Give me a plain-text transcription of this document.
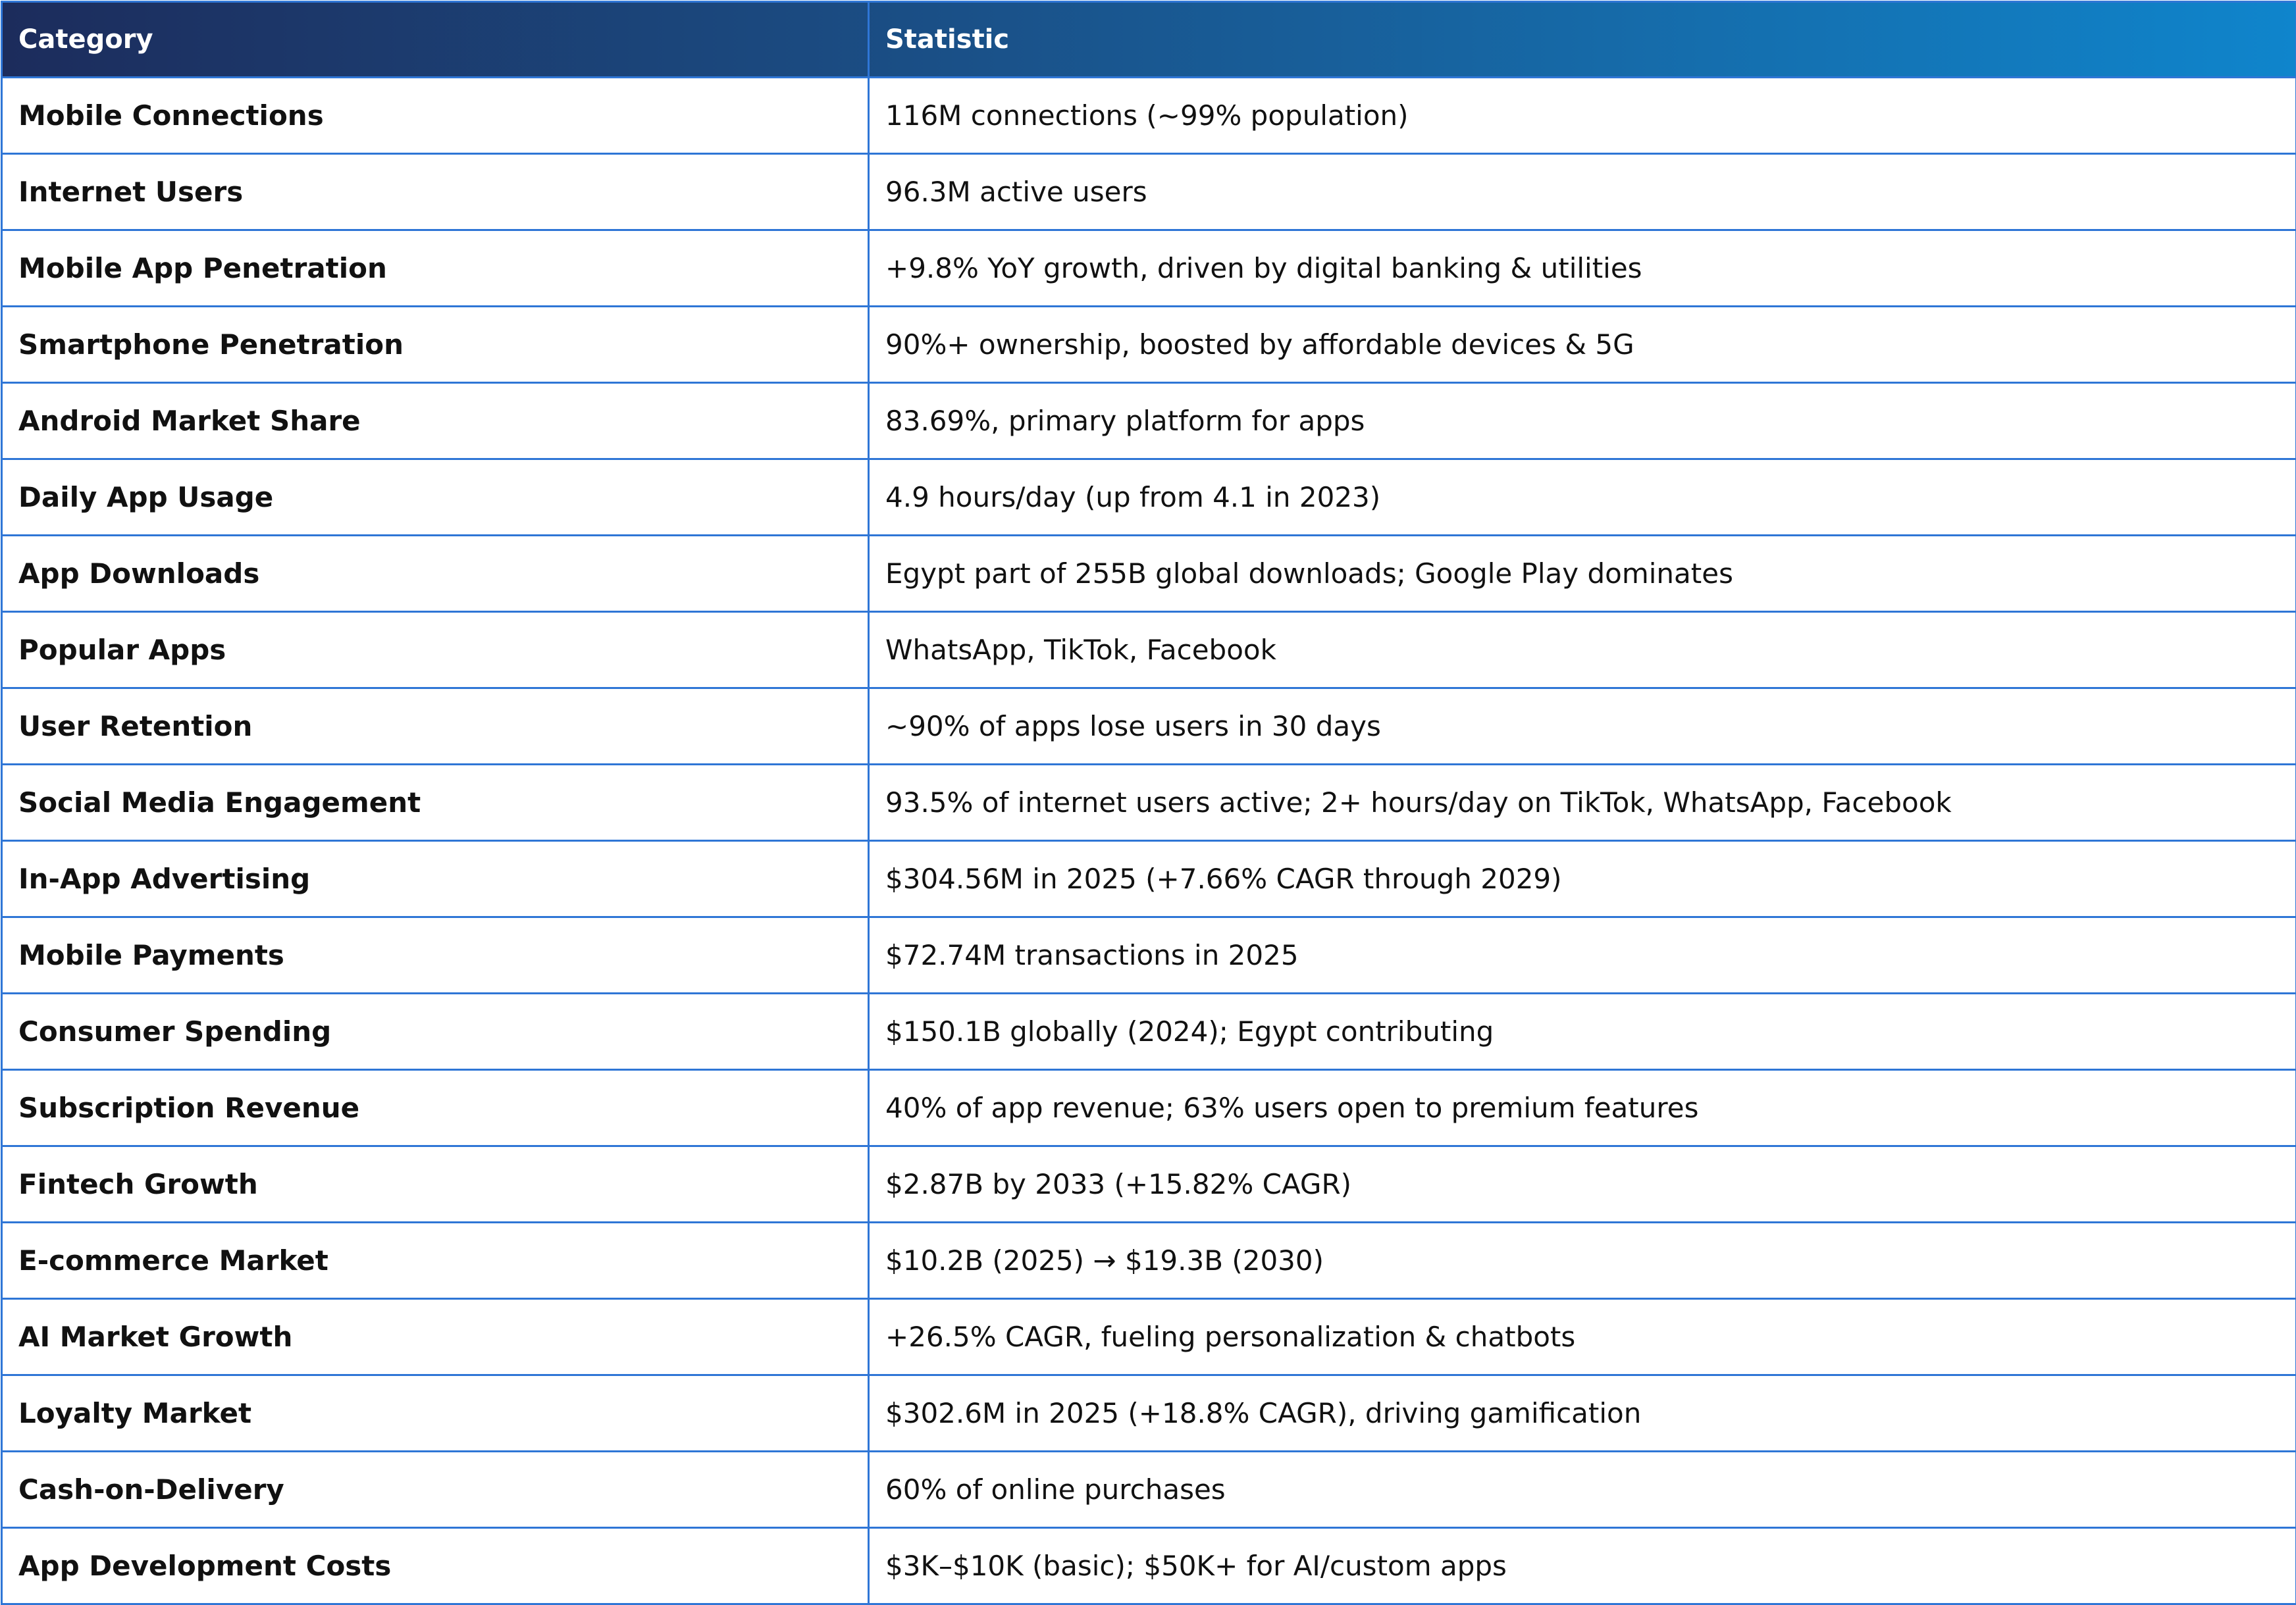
Category	Statistic
Mobile Connections	116M connections (~99% population)
Internet Users	96.3M active users
Mobile App Penetration	+9.8% YoY growth, driven by digital banking & utilities
Smartphone Penetration	90%+ ownership, boosted by affordable devices & 5G
Android Market Share	83.69%, primary platform for apps
Daily App Usage	4.9 hours/day (up from 4.1 in 2023)
App Downloads	Egypt part of 255B global downloads; Google Play dominates
Popular Apps	WhatsApp, TikTok, Facebook
User Retention	~90% of apps lose users in 30 days
Social Media Engagement	93.5% of internet users active; 2+ hours/day on TikTok, WhatsApp, Facebook
In-App Advertising	$304.56M in 2025 (+7.66% CAGR through 2029)
Mobile Payments	$72.74M transactions in 2025
Consumer Spending	$150.1B globally (2024); Egypt contributing
Subscription Revenue	40% of app revenue; 63% users open to premium features
Fintech Growth	$2.87B by 2033 (+15.82% CAGR)
E-commerce Market	$10.2B (2025) → $19.3B (2030)
AI Market Growth	+26.5% CAGR, fueling personalization & chatbots
Loyalty Market	$302.6M in 2025 (+18.8% CAGR), driving gamification
Cash-on-Delivery	60% of online purchases
App Development Costs	$3K–$10K (basic); $50K+ for AI/custom apps
